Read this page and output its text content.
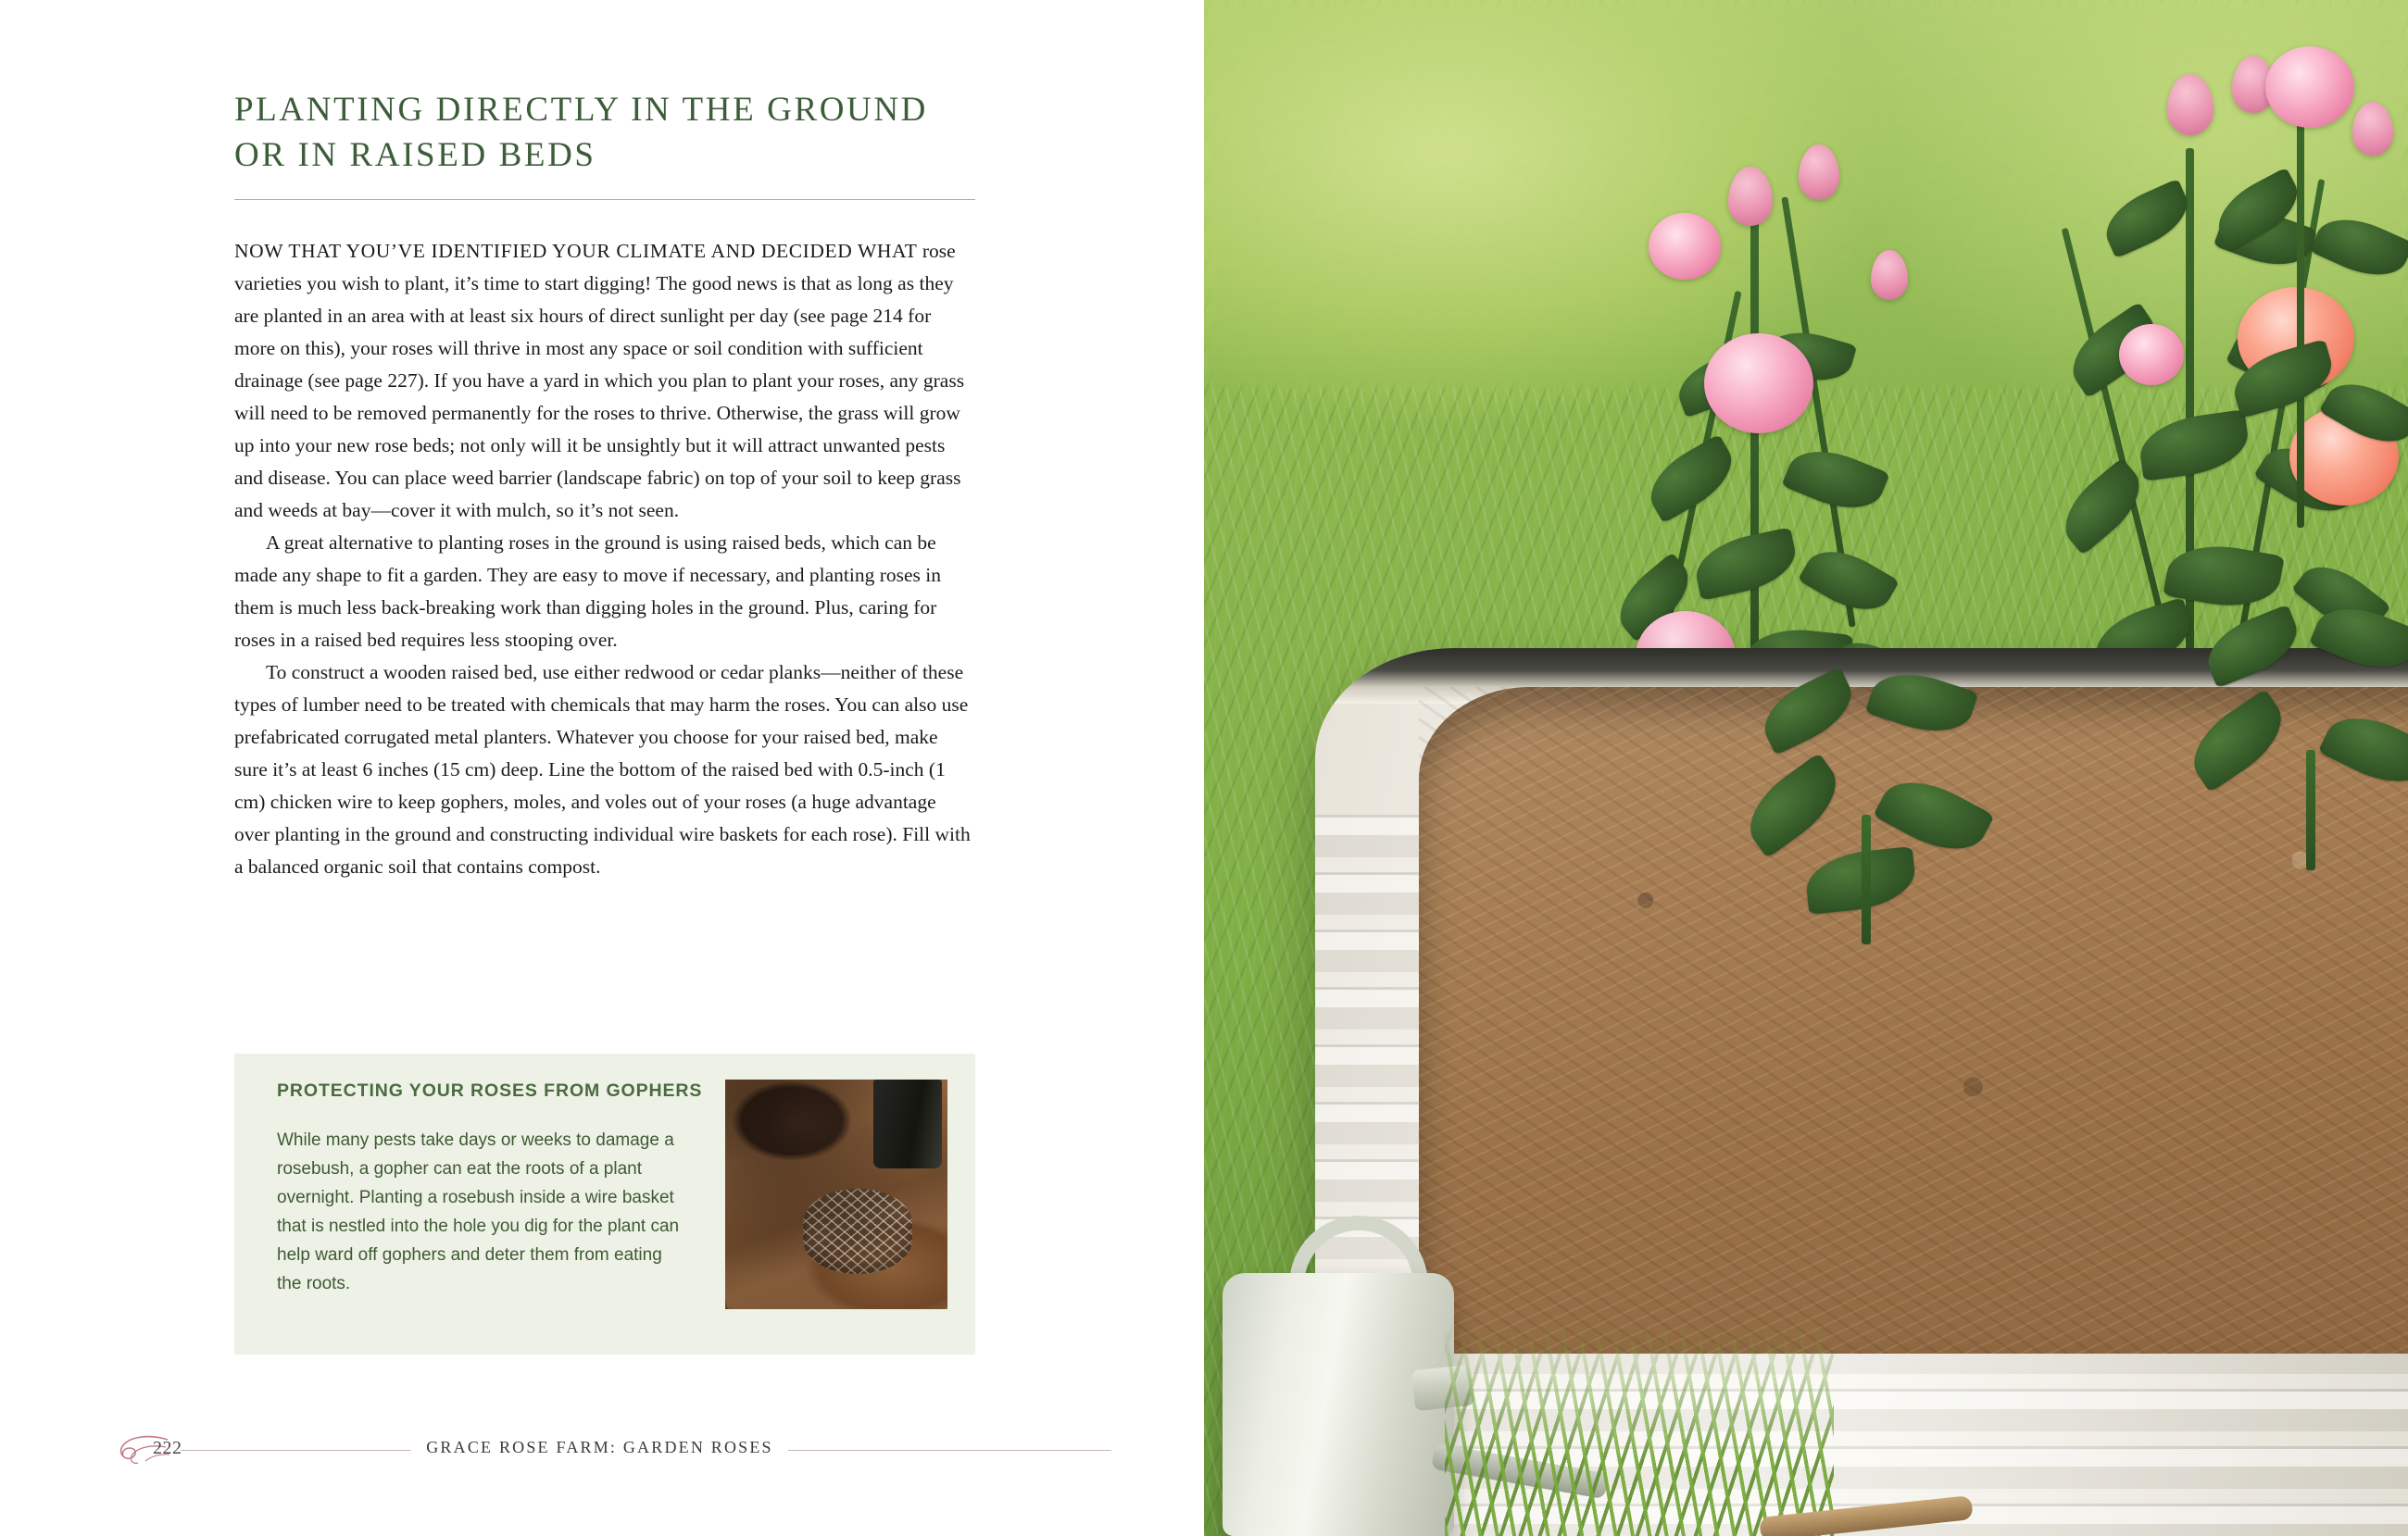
PLANTING DIRECTLY IN THE GROUND OR IN RAISED BEDS

NOW THAT YOU’VE IDENTIFIED YOUR CLIMATE AND DECIDED WHAT rose varieties you wish to plant, it’s time to start digging! The good news is that as long as they are planted in an area with at least six hours of direct sunlight per day (see page 214 for more on this), your roses will thrive in most any space or soil condition with sufficient drainage (see page 227). If you have a yard in which you plan to plant your roses, any grass will need to be removed permanently for the roses to thrive. Otherwise, the grass will grow up into your new rose beds; not only will it be unsightly but it will attract unwanted pests and disease. You can place weed barrier (landscape fabric) on top of your soil to keep grass and weeds at bay—cover it with mulch, so it’s not seen.

A great alternative to planting roses in the ground is using raised beds, which can be made any shape to fit a garden. They are easy to move if necessary, and planting roses in them is much less back-breaking work than digging holes in the ground. Plus, caring for roses in a raised bed requires less stooping over.

To construct a wooden raised bed, use either redwood or cedar planks—neither of these types of lumber need to be treated with chemicals that may harm the roses. You can also use prefabricated corrugated metal planters. Whatever you choose for your raised bed, make sure it’s at least 6 inches (15 cm) deep. Line the bottom of the raised bed with 0.5-inch (1 cm) chicken wire to keep gophers, moles, and voles out of your roses (a huge advantage over planting in the ground and constructing individual wire baskets for each rose). Fill with a balanced organic soil that contains compost.

PROTECTING YOUR ROSES FROM GOPHERS

While many pests take days or weeks to damage a rosebush, a gopher can eat the roots of a plant overnight. Planting a rosebush inside a wire basket that is nestled into the hole you dig for the plant can help ward off gophers and deter them from eating the roots.

222	GRACE ROSE FARM: GARDEN ROSES
